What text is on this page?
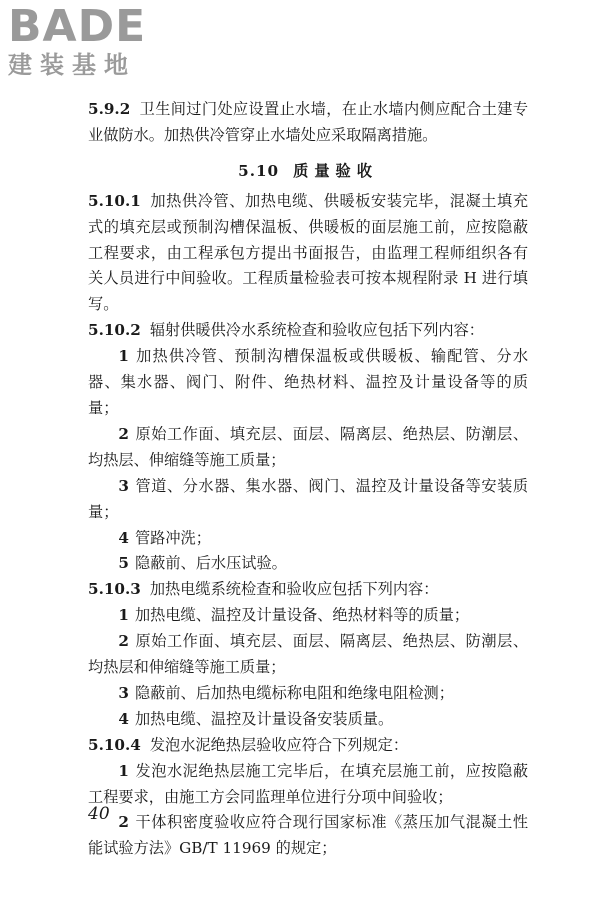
BADE
建装基地

5.9.2 卫生间过门处应设置止水墙，在止水墙内侧应配合土建专业做防水。加热供冷管穿止水墙处应采取隔离措施。

5.10 质量验收

5.10.1 加热供冷管、加热电缆、供暖板安装完毕，混凝土填充式的填充层或预制沟槽保温板、供暖板的面层施工前，应按隐蔽工程要求，由工程承包方提出书面报告，由监理工程师组织各有关人员进行中间验收。工程质量检验表可按本规程附录 H 进行填写。

5.10.2 辐射供暖供冷水系统检查和验收应包括下列内容：

1 加热供冷管、预制沟槽保温板或供暖板、输配管、分水器、集水器、阀门、附件、绝热材料、温控及计量设备等的质量；

2 原始工作面、填充层、面层、隔离层、绝热层、防潮层、均热层、伸缩缝等施工质量；

3 管道、分水器、集水器、阀门、温控及计量设备等安装质量；

4 管路冲洗；

5 隐蔽前、后水压试验。

5.10.3 加热电缆系统检查和验收应包括下列内容：

1 加热电缆、温控及计量设备、绝热材料等的质量；

2 原始工作面、填充层、面层、隔离层、绝热层、防潮层、均热层和伸缩缝等施工质量；

3 隐蔽前、后加热电缆标称电阻和绝缘电阻检测；

4 加热电缆、温控及计量设备安装质量。

5.10.4 发泡水泥绝热层验收应符合下列规定：

1 发泡水泥绝热层施工完毕后，在填充层施工前，应按隐蔽工程要求，由施工方会同监理单位进行分项中间验收；

2 干体积密度验收应符合现行国家标准《蒸压加气混凝土性能试验方法》GB/T 11969 的规定；

40
